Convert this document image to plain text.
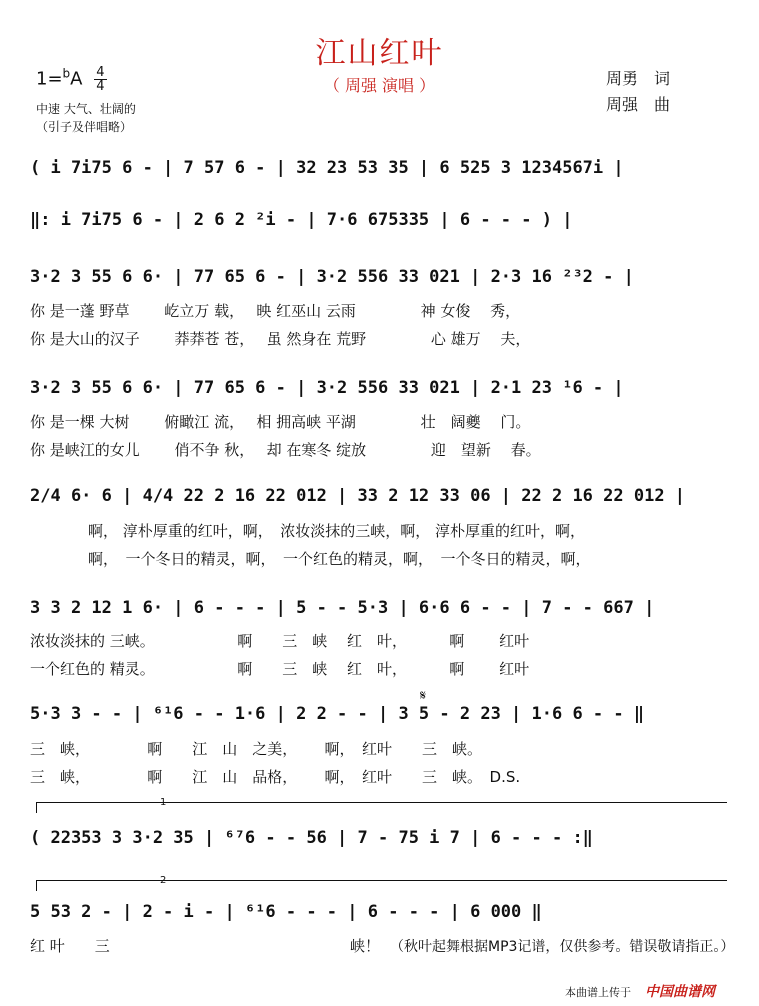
江山红叶
（ 周强 演唱 ）	周勇　词
周强　曲
$1=^bA \frac{4}{4}$
中速 大气、壮阔的
（引子及伴唱略）
( i 7i75 6 - | 7 57 6 - | 32 23 53 35 | 6 525 3 1234567i |
‖: i 7i75 6 - | 2 6 2 ²i - | 7·6 675335 | 6 - - - ) |
3·2 3 55 6 6· | 77 65 6 - | 3·2 556 33 021 | 2·3 16 ²³2 - |
你 是一蓬 野草　　 屹立万 载，　 映 红巫山 云雨　　　　 神 女俊　 秀，
你 是大山的汉子　　 莽莽苍 苍，　 虽 然身在 荒野　　　　 心 雄万　 夫，
3·2 3 55 6 6· | 77 65 6 - | 3·2 556 33 021 | 2·1 23 ¹6 - |
你 是一棵 大树　　 俯瞰江 流，　 相 拥高峡 平湖　　　　 壮　阔夔　 门。
你 是峡江的女儿　　 俏不争 秋，　 却 在寒冬 绽放　　　　 迎　望新　 春。
2/4 6· 6 | 4/4 22 2 16 22 012 | 33 2 12 33 06 | 22 2 16 22 012 |
啊， 淳朴厚重的红叶，啊，　浓妆淡抹的三峡，啊， 淳朴厚重的红叶，啊，
啊，　一个冬日的精灵，啊，　一个红色的精灵，啊，　一个冬日的精灵，啊，
3 3 2 12 1 6· | 6 - - - | 5 - - 5·3 | 6·6 6 - - | 7 - - 667 |
浓妆淡抹的 三峡。　　　　　　啊　　三　峡　 红　叶，　　　 啊　　 红叶
一个红色的 精灵。　　　　　　啊　　三　峡　 红　叶，　　　 啊　　 红叶
𝄋
5·3 3 - - | ⁶¹6 - - 1·6 | 2 2 - - | 3 5 - 2 23 | 1·6 6 - - ‖
三　峡，　　　　 啊　　江　山　之美，　　 啊，　红叶　　三　峡。
三　峡，　　　　 啊　　江　山　品格，　　 啊，　红叶　　三　峡。　D.S.
1
( 22353 3 3·2 35 | ⁶⁷6 - - 56 | 7 - 75 i 7 | 6 - - - :‖
2
5 53 2 - | 2 - i - | ⁶¹6 - - - | 6 - - - | 6 000 ‖
红 叶　　三	峡！ （秋叶起舞根据MP3记谱，仅供参考。错误敬请指正。）
本曲谱上传于 中国曲谱网
